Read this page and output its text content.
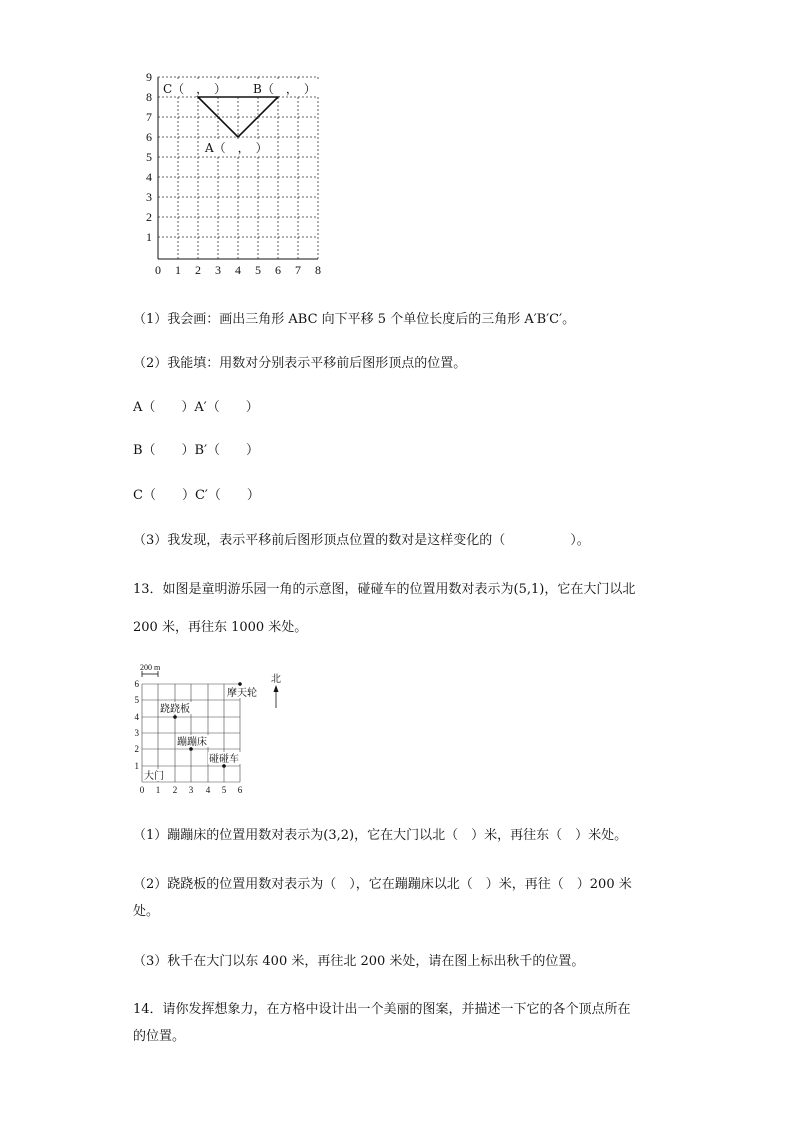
9
8
7
6
5
4
3
2
1
0 1 2 3 4 5 6 7 8
C（　，　） B（　，　）
A（　，　）
（1）我会画：画出三角形 ABC 向下平移 5 个单位长度后的三角形 A′B′C′。
（2）我能填：用数对分别表示平移前后图形顶点的位置。
A（　　）A′（　　）
B（　　）B′（　　）
C（　　）C′（　　）
（3）我发现，表示平移前后图形顶点位置的数对是这样变化的（　　　　　）。
13．如图是童明游乐园一角的示意图，碰碰车的位置用数对表示为(5,1)，它在大门以北
200 米，再往东 1000 米处。
200 m
6
5
4
3
2
1
0 1 2 3 4 5 6
摩天轮
跷跷板
蹦蹦床
碰碰车
大门
北
（1）蹦蹦床的位置用数对表示为(3,2)，它在大门以北（　）米，再往东（　）米处。
（2）跷跷板的位置用数对表示为（　），它在蹦蹦床以北（　）米，再往（　）200 米
处。
（3）秋千在大门以东 400 米，再往北 200 米处，请在图上标出秋千的位置。
14．请你发挥想象力，在方格中设计出一个美丽的图案，并描述一下它的各个顶点所在
的位置。
